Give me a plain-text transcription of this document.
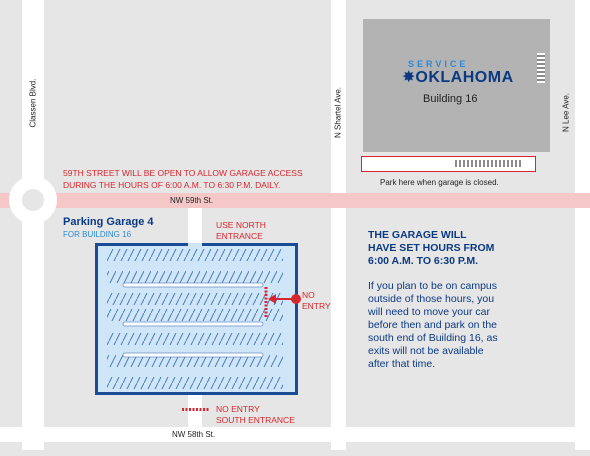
SERVICE
✸ OKLAHOMA
Building 16
Park here when garage is closed.
59TH STREET WILL BE OPEN TO ALLOW GARAGE ACCESS
DURING THE HOURS OF 6:00 A.M. TO 6:30 P.M. DAILY.
NW 59th St.
NW 58th St.
Classen Blvd.	N Shartel Ave.	N Lee Ave.
Parking Garage 4
FOR BUILDING 16
USE NORTH
ENTRANCE
NO
ENTRY
NO ENTRY
SOUTH ENTRANCE
THE GARAGE WILL
HAVE SET HOURS FROM
6:00 A.M. TO 6:30 P.M.
If you plan to be on campus
outside of those hours, you
will need to move your car
before then and park on the
south end of Building 16, as
exits will not be available
after that time.
